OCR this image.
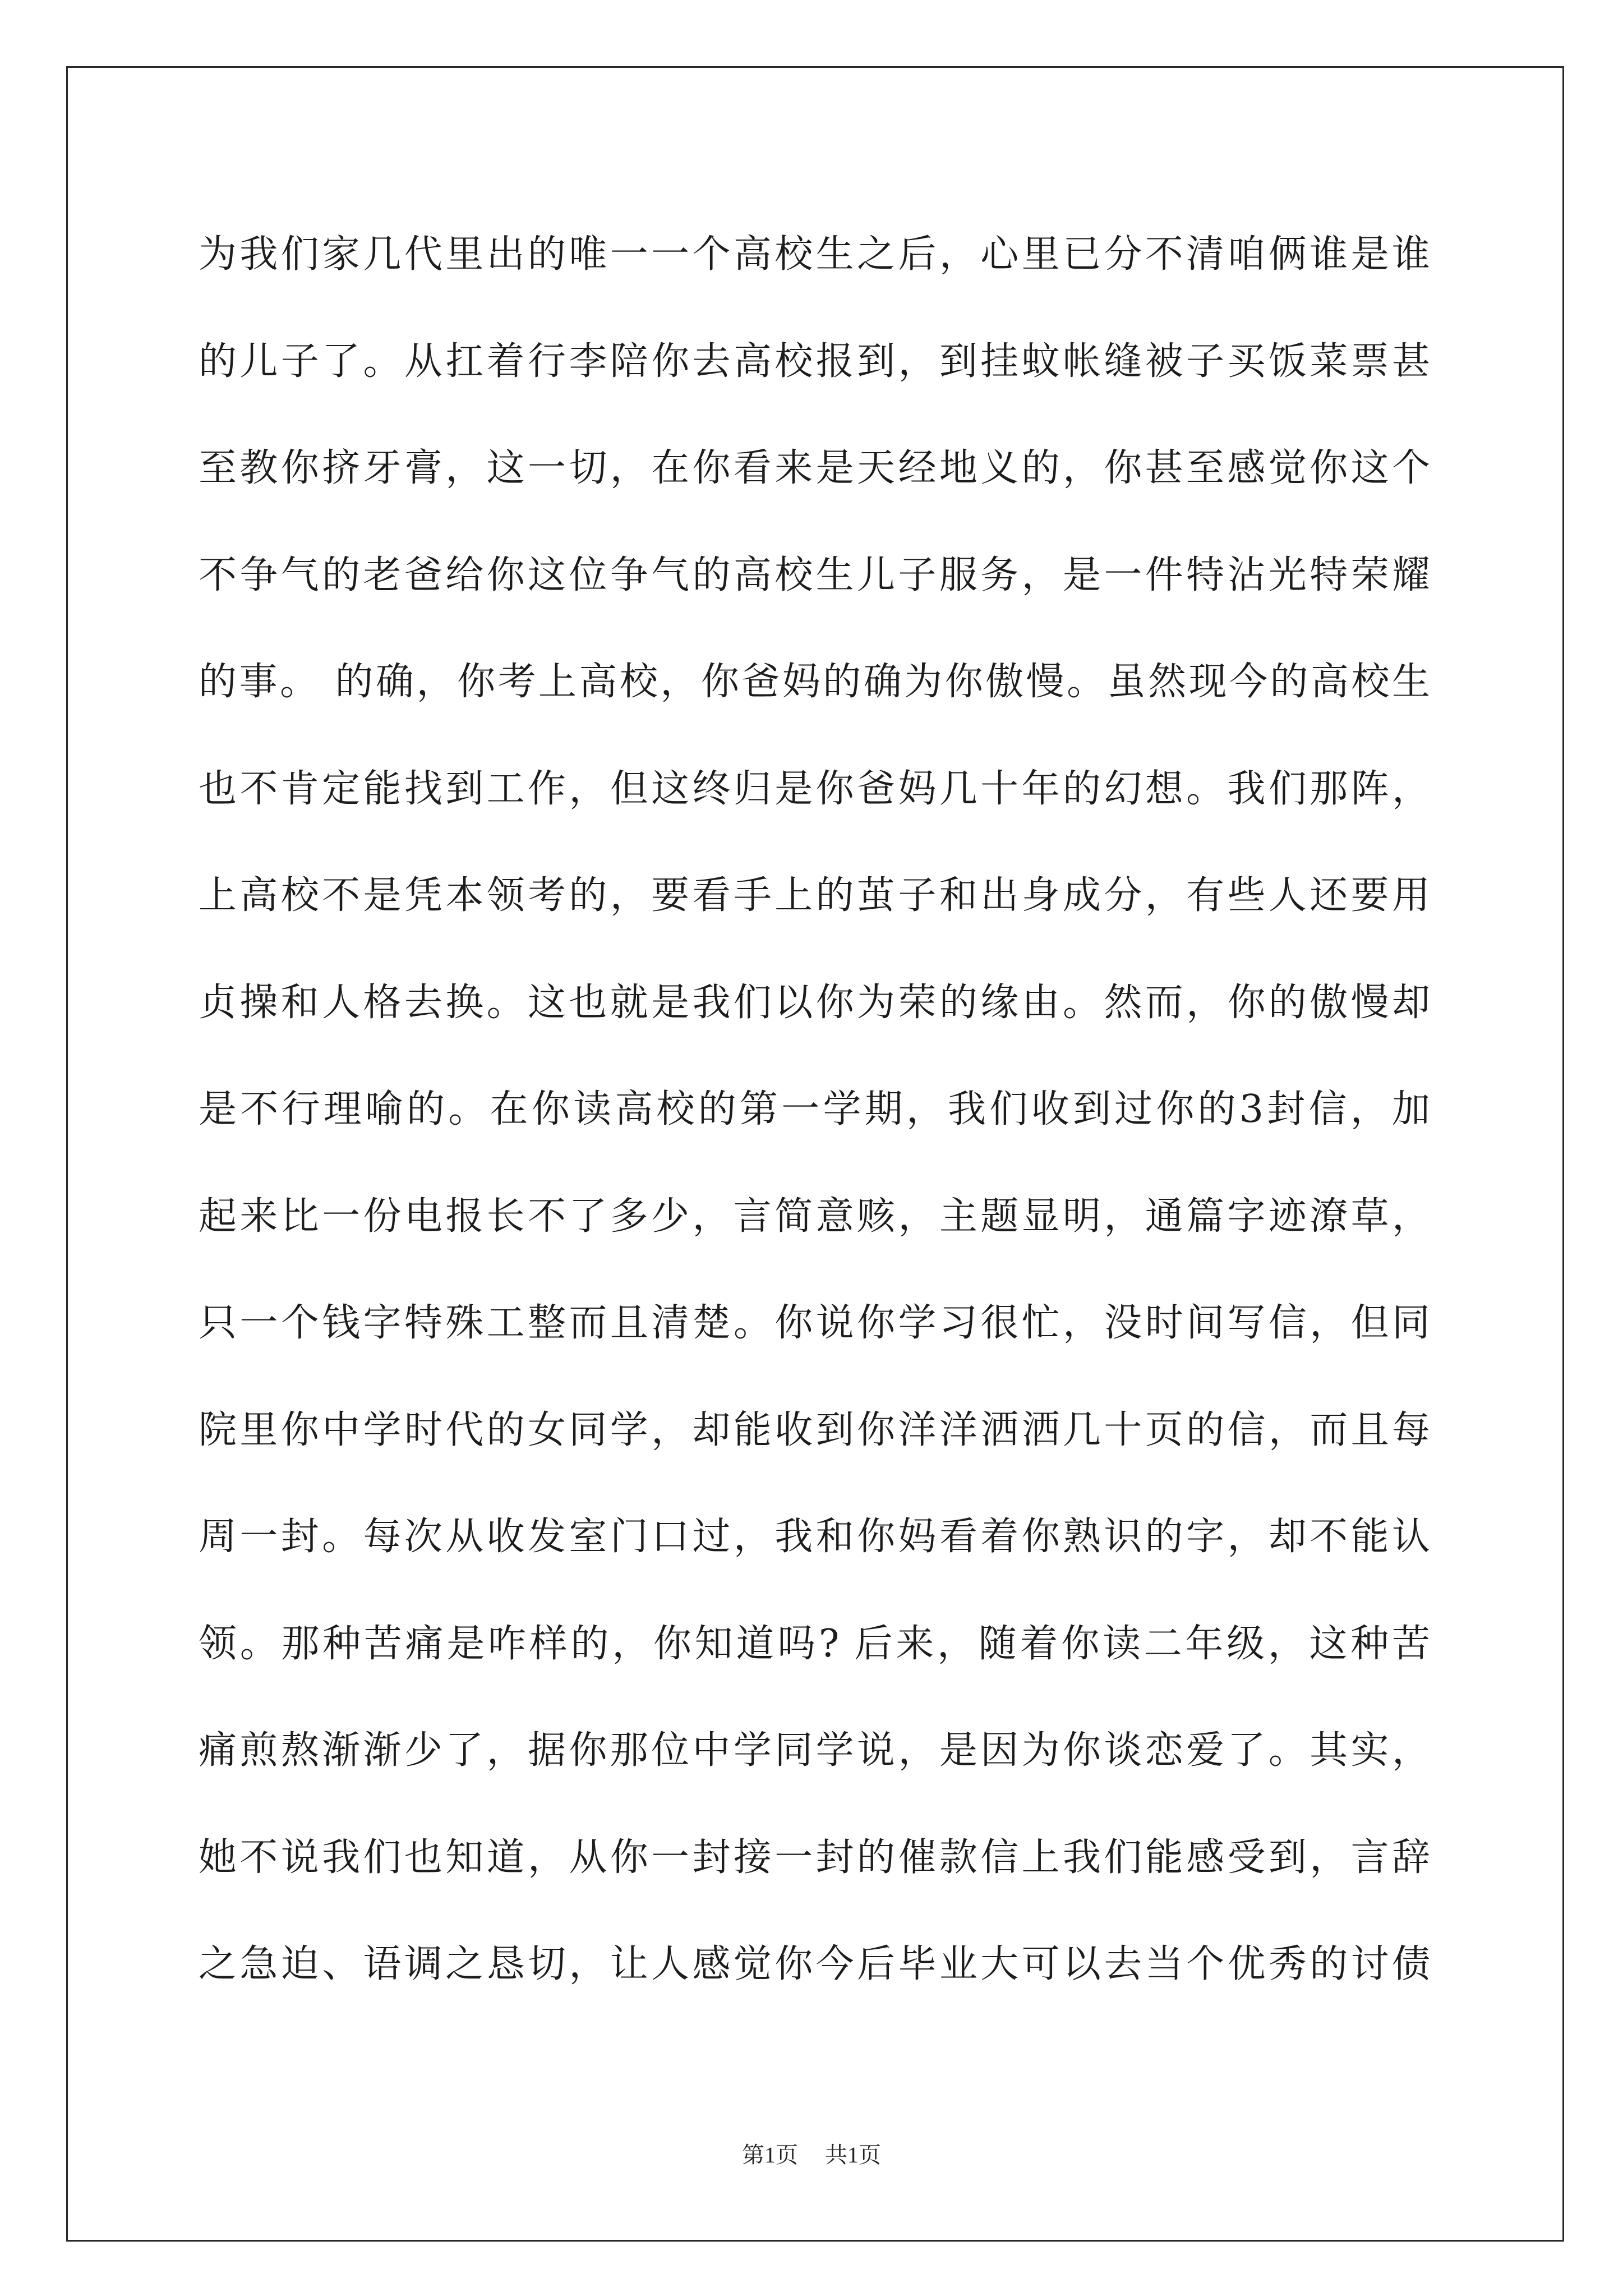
为我们家几代里出的唯一一个高校生之后，心里已分不清咱俩谁是谁
的儿子了。从扛着行李陪你去高校报到，到挂蚊帐缝被子买饭菜票甚
至教你挤牙膏，这一切，在你看来是天经地义的，你甚至感觉你这个
不争气的老爸给你这位争气的高校生儿子服务，是一件特沾光特荣耀
的事。 的确，你考上高校，你爸妈的确为你傲慢。虽然现今的高校生
也不肯定能找到工作，但这终归是你爸妈几十年的幻想。我们那阵，
上高校不是凭本领考的，要看手上的茧子和出身成分，有些人还要用
贞操和人格去换。这也就是我们以你为荣的缘由。然而，你的傲慢却
是不行理喻的。在你读高校的第一学期，我们收到过你的3封信，加
起来比一份电报长不了多少，言简意赅，主题显明，通篇字迹潦草，
只一个钱字特殊工整而且清楚。你说你学习很忙，没时间写信，但同
院里你中学时代的女同学，却能收到你洋洋洒洒几十页的信，而且每
周一封。每次从收发室门口过，我和你妈看着你熟识的字，却不能认
领。那种苦痛是咋样的，你知道吗? 后来，随着你读二年级，这种苦
痛煎熬渐渐少了，据你那位中学同学说，是因为你谈恋爱了。其实，
她不说我们也知道，从你一封接一封的催款信上我们能感受到，言辞
之急迫、语调之恳切，让人感觉你今后毕业大可以去当个优秀的讨债
第1页 共1页
